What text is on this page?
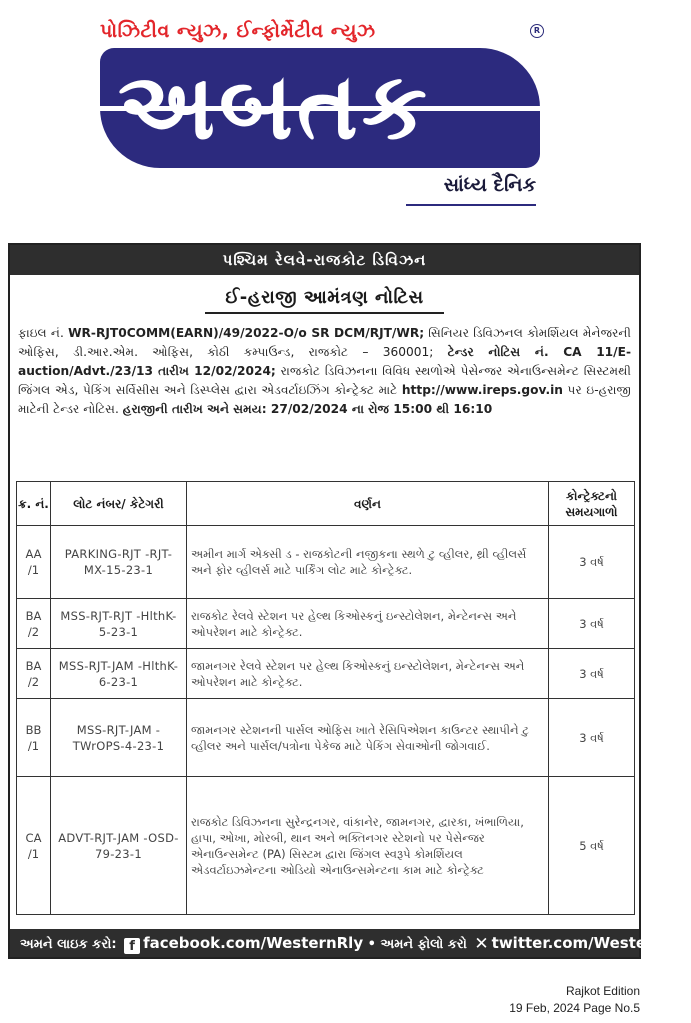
પોઝિટીવ ન્યુઝ, ઈન્ફોર્મેટીવ ન્યુઝ	R
અબતક
સાંધ્ય દૈનિક
પશ્ચિમ રેલવે-રાજકોટ ડિવિઝન
ઈ-હરાજી આમંત્રણ નોટિસ

ફાઇલ નં. WR-RJT0COMM(EARN)/49/2022-O/o SR DCM/RJT/WR; સિનિયર ડિવિઝનલ કોમર્શિયલ મેનેજરની ઓફિસ, ડી.આર.એમ. ઓફિસ, કોઠી કમ્પાઉન્ડ, રાજકોટ – 360001; ટેન્ડર નોટિસ નં. CA 11/E-auction/Advt./23/13 તારીખ 12/02/2024; રાજકોટ ડિવિઝનના વિવિધ સ્થળોએ પેસેન્જર એનાઉન્સમેન્ટ સિસ્ટમથી જિંગલ એડ, પેકિંગ સર્વિસીસ અને ડિસ્પ્લેસ દ્વારા એડવર્ટાઇઝિંગ કોન્ટ્રેક્ટ માટે http://www.ireps.gov.in પર ઇ-હરાજી માટેની ટેન્ડર નોટિસ. હરાજીની તારીખ અને સમય: 27/02/2024 ના રોજ 15:00 થી 16:10

ક્ર. નં.	લોટ નંબર/ કેટેગરી	વર્ણન	કોન્ટ્રેક્ટનો સમયગાળો
AA /1	PARKING-RJT -RJT-MX-15-23-1	અમીન માર્ગ એક્સી ડ - રાજકોટની નજીકના સ્થળે ટુ વ્હીલર, થ્રી વ્હીલર્સ અને ફોર વ્હીલર્સ માટે પાર્કિંગ લોટ માટે કોન્ટ્રેક્ટ.	3 વર્ષ
BA /2	MSS-RJT-RJT -HlthK-5-23-1	રાજકોટ રેલવે સ્ટેશન પર હેલ્થ કિઓસ્કનું ઇન્સ્ટોલેશન, મેન્ટેનન્સ અને ઓપરેશન માટે કોન્ટ્રેક્ટ.	3 વર્ષ
BA /2	MSS-RJT-JAM -HlthK-6-23-1	જામનગર રેલવે સ્ટેશન પર હેલ્થ કિઓસ્કનું ઇન્સ્ટોલેશન, મેન્ટેનન્સ અને ઓપરેશન માટે કોન્ટ્રેક્ટ.	3 વર્ષ
BB /1	MSS-RJT-JAM -TWrOPS-4-23-1	જામનગર સ્ટેશનની પાર્સલ ઓફિસ ખાતે રેસિપિએશન કાઉન્ટર સ્થાપીને ટુ વ્હીલર અને પાર્સલ/પત્રોના પેકેજ માટે પેકિંગ સેવાઓની જોગવાઈ.	3 વર્ષ
CA /1	ADVT-RJT-JAM -OSD-79-23-1	રાજકોટ ડિવિઝનના સુરેન્દ્રનગર, વાંકાનેર, જામનગર, દ્વારકા, ખંભાળિયા, હાપા, ઓખા, મોરબી, થાન અને ભક્તિનગર સ્ટેશનો પર પેસેન્જર એનાઉન્સમેન્ટ (PA) સિસ્ટમ દ્વારા જિંગલ સ્વરૂપે કોમર્શિયલ એડવર્ટાઇઝમેન્ટના ઓડિયો એનાઉન્સમેન્ટના કામ માટે કોન્ટ્રેક્ટ	5 વર્ષ
અમને લાઇક કરો: f facebook.com/WesternRly • અમને ફોલો કરો ✕ twitter.com/WesternRly
Rajkot Edition
19 Feb, 2024 Page No.5
